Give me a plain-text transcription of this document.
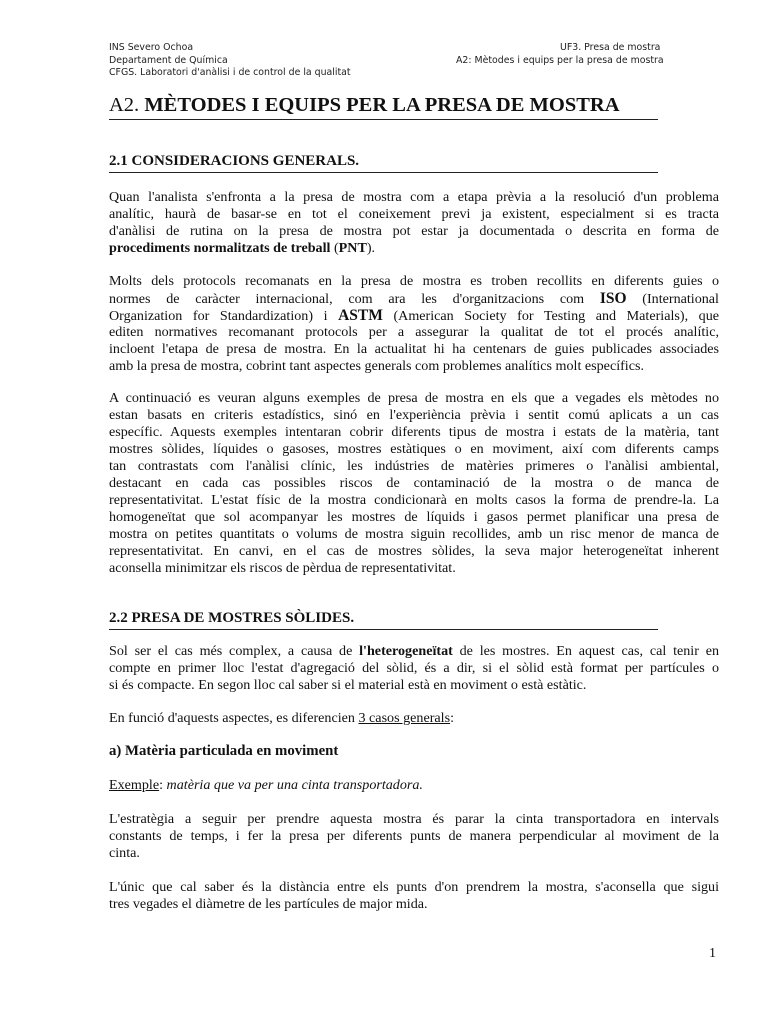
INS Severo Ochoa
Departament de Química
CFGS. Laboratori d'anàlisi i de control de la qualitat
UF3. Presa de mostra
A2: Mètodes i equips per la presa de mostra
A2. MÈTODES I EQUIPS PER LA PRESA DE MOSTRA
2.1 CONSIDERACIONS GENERALS.
Quan l'analista s'enfronta a la presa de mostra com a etapa prèvia a la resolució d'un problema
analític, haurà de basar-se en tot el coneixement previ ja existent, especialment si es tracta
d'anàlisi de rutina on la presa de mostra pot estar ja documentada o descrita en forma de
procediments normalitzats de treball (PNT).
Molts dels protocols recomanats en la presa de mostra es troben recollits en diferents guies o
normes de caràcter internacional, com ara les d'organitzacions com ISO (International
Organization for Standardization) i ASTM (American Society for Testing and Materials), que
editen normatives recomanant protocols per a assegurar la qualitat de tot el procés analític,
incloent l'etapa de presa de mostra. En la actualitat hi ha centenars de guies publicades associades
amb la presa de mostra, cobrint tant aspectes generals com problemes analítics molt específics.
A continuació es veuran alguns exemples de presa de mostra en els que a vegades els mètodes no
estan basats en criteris estadístics, sinó en l'experiència prèvia i sentit comú aplicats a un cas
específic. Aquests exemples intentaran cobrir diferents tipus de mostra i estats de la matèria, tant
mostres sòlides, líquides o gasoses, mostres estàtiques o en moviment, així com diferents camps
tan contrastats com l'anàlisi clínic, les indústries de matèries primeres o l'anàlisi ambiental,
destacant en cada cas possibles riscos de contaminació de la mostra o de manca de
representativitat. L'estat físic de la mostra condicionarà en molts casos la forma de prendre-la. La
homogeneïtat que sol acompanyar les mostres de líquids i gasos permet planificar una presa de
mostra on petites quantitats o volums de mostra siguin recollides, amb un risc menor de manca de
representativitat. En canvi, en el cas de mostres sòlides, la seva major heterogeneïtat inherent
aconsella minimitzar els riscos de pèrdua de representativitat.
2.2 PRESA DE MOSTRES SÒLIDES.
Sol ser el cas més complex, a causa de l'heterogeneïtat de les mostres. En aquest cas, cal tenir en
compte en primer lloc l'estat d'agregació del sòlid, és a dir, si el sòlid està format per partícules o
si és compacte. En segon lloc cal saber si el material està en moviment o està estàtic.
En funció d'aquests aspectes, es diferencien 3 casos generals:
a) Matèria particulada en moviment
Exemple: matèria que va per una cinta transportadora.
L'estratègia a seguir per prendre aquesta mostra és parar la cinta transportadora en intervals
constants de temps, i fer la presa per diferents punts de manera perpendicular al moviment de la
cinta.
L'únic que cal saber és la distància entre els punts d'on prendrem la mostra, s'aconsella que sigui
tres vegades el diàmetre de les partícules de major mida.
1
